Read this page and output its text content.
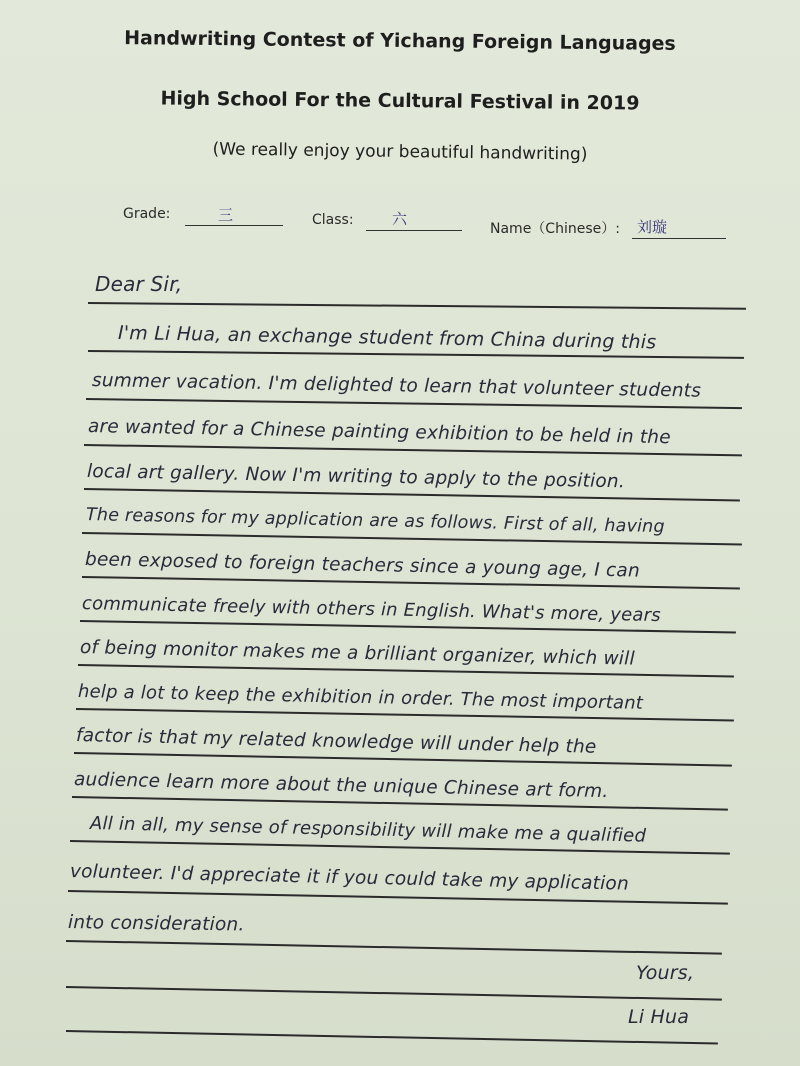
Handwriting Contest of Yichang Foreign Languages
High School For the Cultural Festival in 2019
(We really enjoy your beautiful handwriting)
Grade:	三	Class:	六
Name（Chinese）: 刘璇
Dear Sir,
I'm Li Hua, an exchange student from China during this
summer vacation. I'm delighted to learn that volunteer students
are wanted for a Chinese painting exhibition to be held in the
local art gallery. Now I'm writing to apply to the position.
The reasons for my application are as follows. First of all, having
been exposed to foreign teachers since a young age, I can
communicate freely with others in English. What's more, years
of being monitor makes me a brilliant organizer, which will
help a lot to keep the exhibition in order. The most important
factor is that my related knowledge will under help the
audience learn more about the unique Chinese art form.
All in all, my sense of responsibility will make me a qualified
volunteer. I'd appreciate it if you could take my application
into consideration.
Yours,
Li Hua
